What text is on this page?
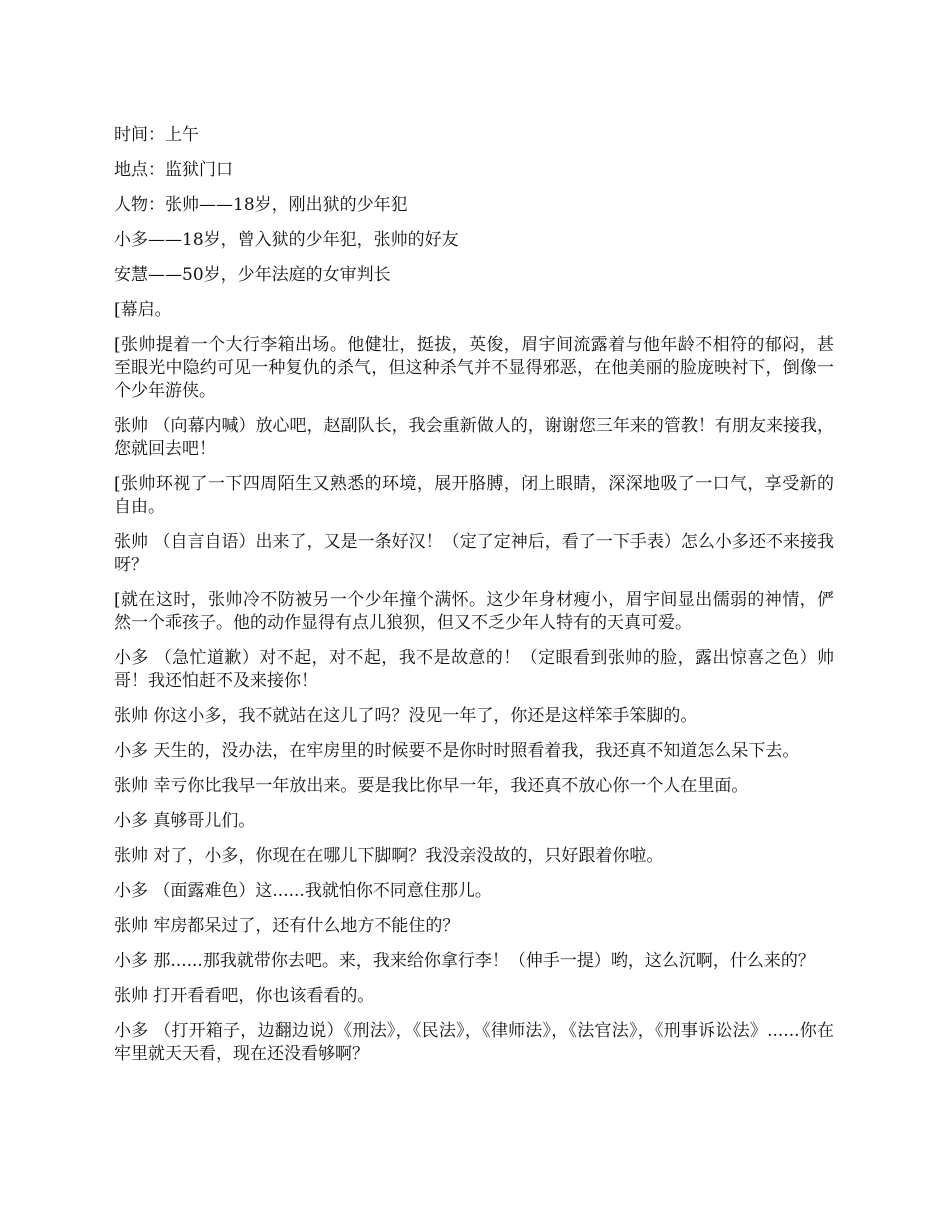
时间：上午

地点：监狱门口

人物：张帅——18岁，刚出狱的少年犯

小多——18岁，曾入狱的少年犯，张帅的好友

安慧——50岁，少年法庭的女审判长

[幕启。

[张帅提着一个大行李箱出场。他健壮，挺拔，英俊，眉宇间流露着与他年龄不相符的郁闷，甚至眼光中隐约可见一种复仇的杀气，但这种杀气并不显得邪恶，在他美丽的脸庞映衬下，倒像一个少年游侠。

张帅 （向幕内喊）放心吧，赵副队长，我会重新做人的，谢谢您三年来的管教！有朋友来接我，您就回去吧！

[张帅环视了一下四周陌生又熟悉的环境，展开胳膊，闭上眼睛，深深地吸了一口气，享受新的自由。

张帅 （自言自语）出来了，又是一条好汉！（定了定神后，看了一下手表）怎么小多还不来接我呀？

[就在这时，张帅冷不防被另一个少年撞个满怀。这少年身材瘦小，眉宇间显出儒弱的神情，俨然一个乖孩子。他的动作显得有点儿狼狈，但又不乏少年人特有的天真可爱。

小多 （急忙道歉）对不起，对不起，我不是故意的！（定眼看到张帅的脸，露出惊喜之色）帅哥！我还怕赶不及来接你！

张帅 你这小多，我不就站在这儿了吗？没见一年了，你还是这样笨手笨脚的。

小多 天生的，没办法，在牢房里的时候要不是你时时照看着我，我还真不知道怎么呆下去。

张帅 幸亏你比我早一年放出来。要是我比你早一年，我还真不放心你一个人在里面。

小多 真够哥儿们。

张帅 对了，小多，你现在在哪儿下脚啊？我没亲没故的，只好跟着你啦。

小多 （面露难色）这......我就怕你不同意住那儿。

张帅 牢房都呆过了，还有什么地方不能住的？

小多 那......那我就带你去吧。来，我来给你拿行李！（伸手一提）哟，这么沉啊，什么来的？

张帅 打开看看吧，你也该看看的。

小多 （打开箱子，边翻边说）《刑法》，《民法》，《律师法》，《法官法》，《刑事诉讼法》......你在牢里就天天看，现在还没看够啊？
